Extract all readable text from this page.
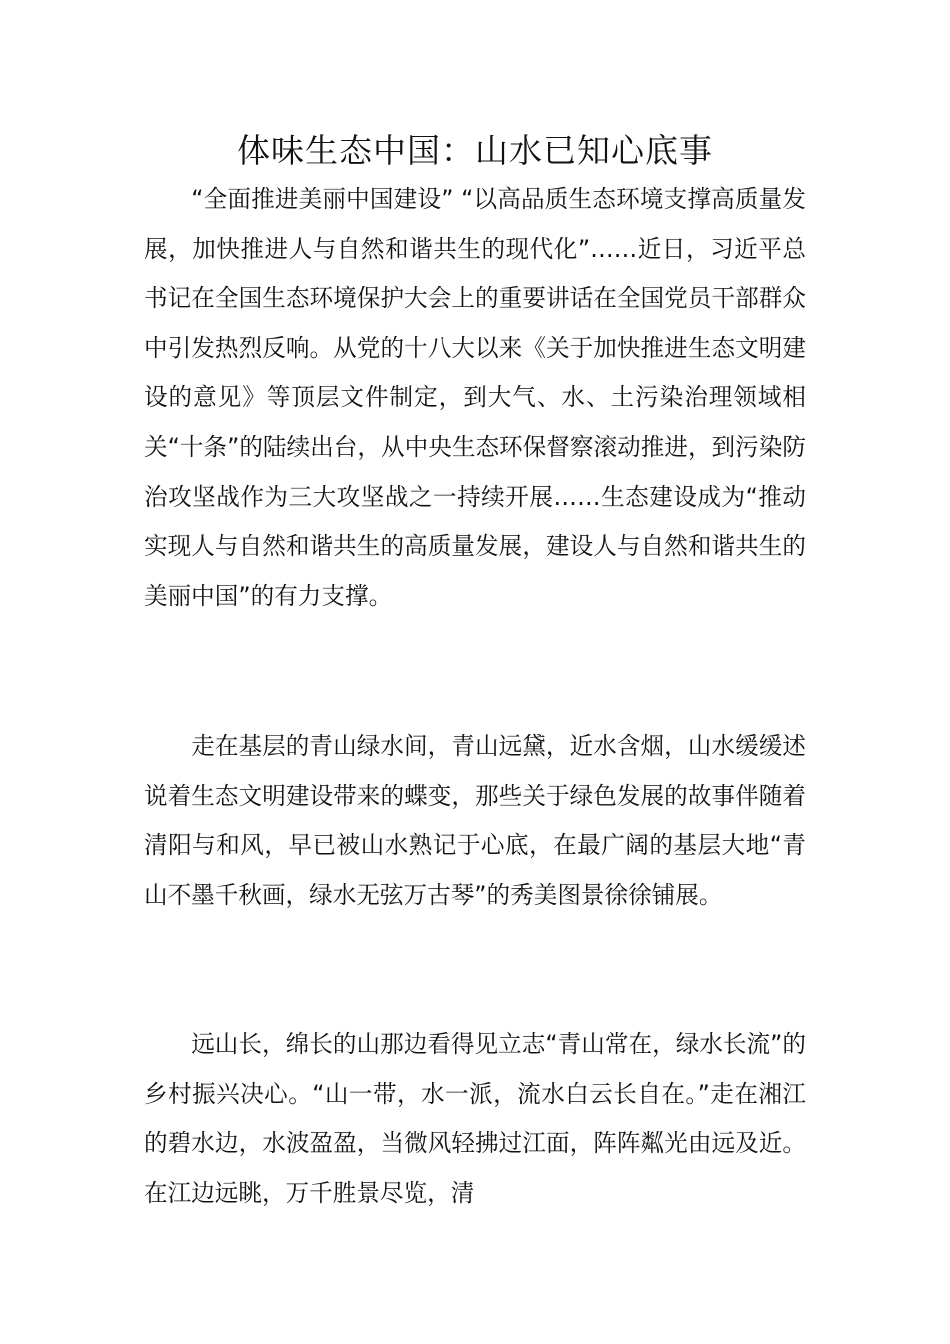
体味生态中国：山水已知心底事

“全面推进美丽中国建设” “以高品质生态环境支撑高质量发展，加快推进人与自然和谐共生的现代化”……近日，习近平总书记在全国生态环境保护大会上的重要讲话在全国党员干部群众中引发热烈反响。从党的十八大以来《关于加快推进生态文明建设的意见》等顶层文件制定，到大气、水、土污染治理领域相关“十条”的陆续出台，从中央生态环保督察滚动推进，到污染防治攻坚战作为三大攻坚战之一持续开展……生态建设成为“推动实现人与自然和谐共生的高质量发展，建设人与自然和谐共生的美丽中国”的有力支撑。

走在基层的青山绿水间，青山远黛，近水含烟，山水缓缓述说着生态文明建设带来的蝶变，那些关于绿色发展的故事伴随着清阳与和风，早已被山水熟记于心底，在最广阔的基层大地“青山不墨千秋画，绿水无弦万古琴”的秀美图景徐徐铺展。

远山长，绵长的山那边看得见立志“青山常在，绿水长流”的乡村振兴决心。“山一带，水一派，流水白云长自在。”走在湘江的碧水边，水波盈盈，当微风轻拂过江面，阵阵粼光由远及近。在江边远眺，万千胜景尽览，清
